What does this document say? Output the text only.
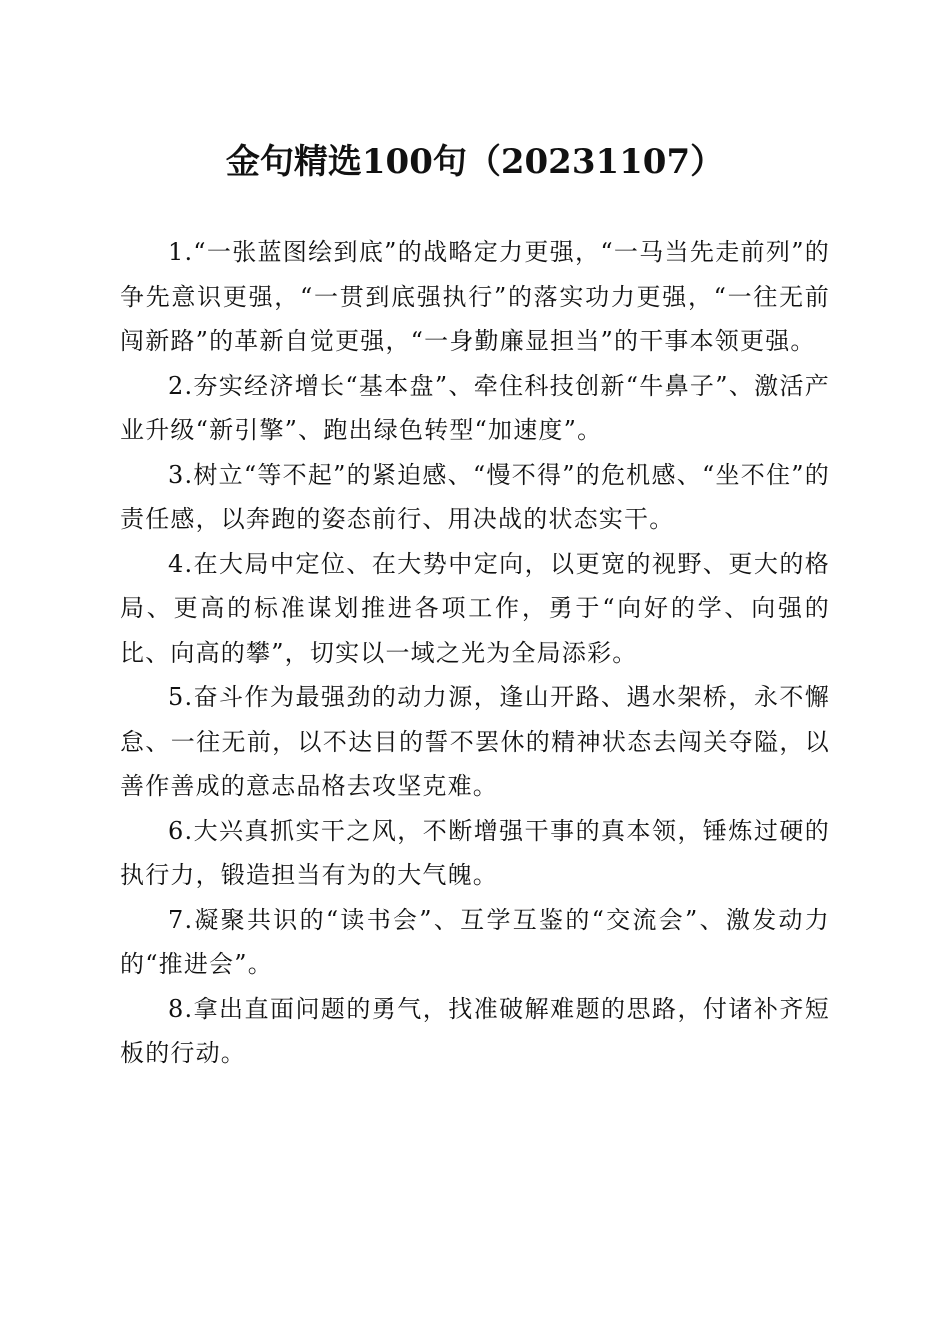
金句精选100句（20231107）

1.“一张蓝图绘到底”的战略定力更强，“一马当先走前列”的争先意识更强，“一贯到底强执行”的落实功力更强，“一往无前闯新路”的革新自觉更强，“一身勤廉显担当”的干事本领更强。

2.夯实经济增长“基本盘”、牵住科技创新“牛鼻子”、激活产业升级“新引擎”、跑出绿色转型“加速度”。

3.树立“等不起”的紧迫感、“慢不得”的危机感、“坐不住”的责任感，以奔跑的姿态前行、用决战的状态实干。

4.在大局中定位、在大势中定向，以更宽的视野、更大的格局、更高的标准谋划推进各项工作，勇于“向好的学、向强的比、向高的攀”，切实以一域之光为全局添彩。

5.奋斗作为最强劲的动力源，逢山开路、遇水架桥，永不懈怠、一往无前，以不达目的誓不罢休的精神状态去闯关夺隘，以善作善成的意志品格去攻坚克难。

6.大兴真抓实干之风，不断增强干事的真本领，锤炼过硬的执行力，锻造担当有为的大气魄。

7.凝聚共识的“读书会”、互学互鉴的“交流会”、激发动力的“推进会”。

8.拿出直面问题的勇气，找准破解难题的思路，付诸补齐短板的行动。
